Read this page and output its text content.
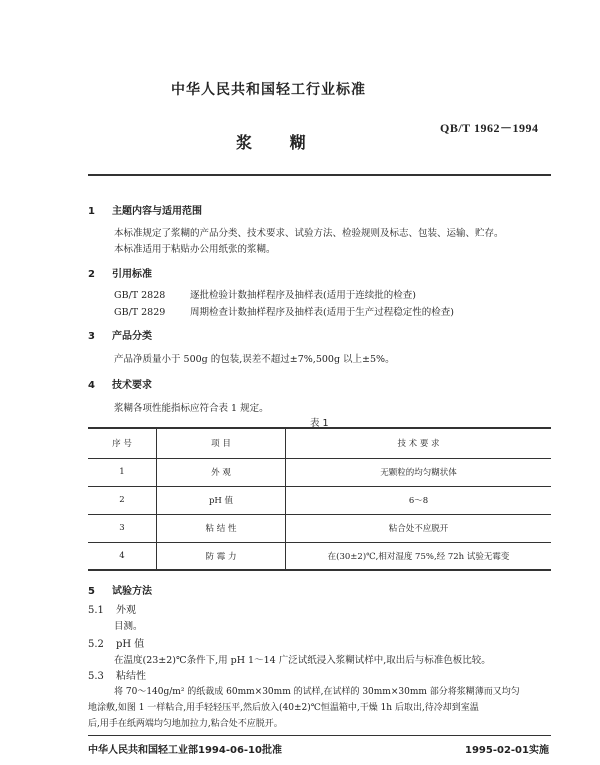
中华人民共和国轻工行业标准
QB/T 1962－1994
浆 糊
1 主题内容与适用范围
本标准规定了浆糊的产品分类、技术要求、试验方法、检验规则及标志、包装、运输、贮存。
本标准适用于粘贴办公用纸张的浆糊。
2 引用标准
GB/T 2828	逐批检验计数抽样程序及抽样表(适用于连续批的检查)
GB/T 2829	周期检查计数抽样程序及抽样表(适用于生产过程稳定性的检查)
3 产品分类
产品净质量小于 500g 的包装,误差不超过±7%,500g 以上±5%。
4 技术要求
浆糊各项性能指标应符合表 1 规定。
表 1
序 号	项 目	技 术 要 求
1	外 观	无颗粒的均匀糊状体
2	pH 值	6～8
3	粘 结 性	粘合处不应脱开
4	防 霉 力	在(30±2)℃,相对湿度 75%,经 72h 试验无霉变
5 试验方法
5.1 外观
目测。
5.2 pH 值
在温度(23±2)℃条件下,用 pH 1～14 广泛试纸浸入浆糊试样中,取出后与标准色板比较。
5.3 粘结性
将 70～140g/m² 的纸裁成 60mm×30mm 的试样,在试样的 30mm×30mm 部分将浆糊薄而又均匀
地涂敷,如图 1 一样粘合,用手轻轻压平,然后放入(40±2)℃恒温箱中,干燥 1h 后取出,待冷却到室温
后,用手在纸两端均匀地加拉力,粘合处不应脱开。
中华人民共和国轻工业部1994-06-10批准	1995-02-01实施
